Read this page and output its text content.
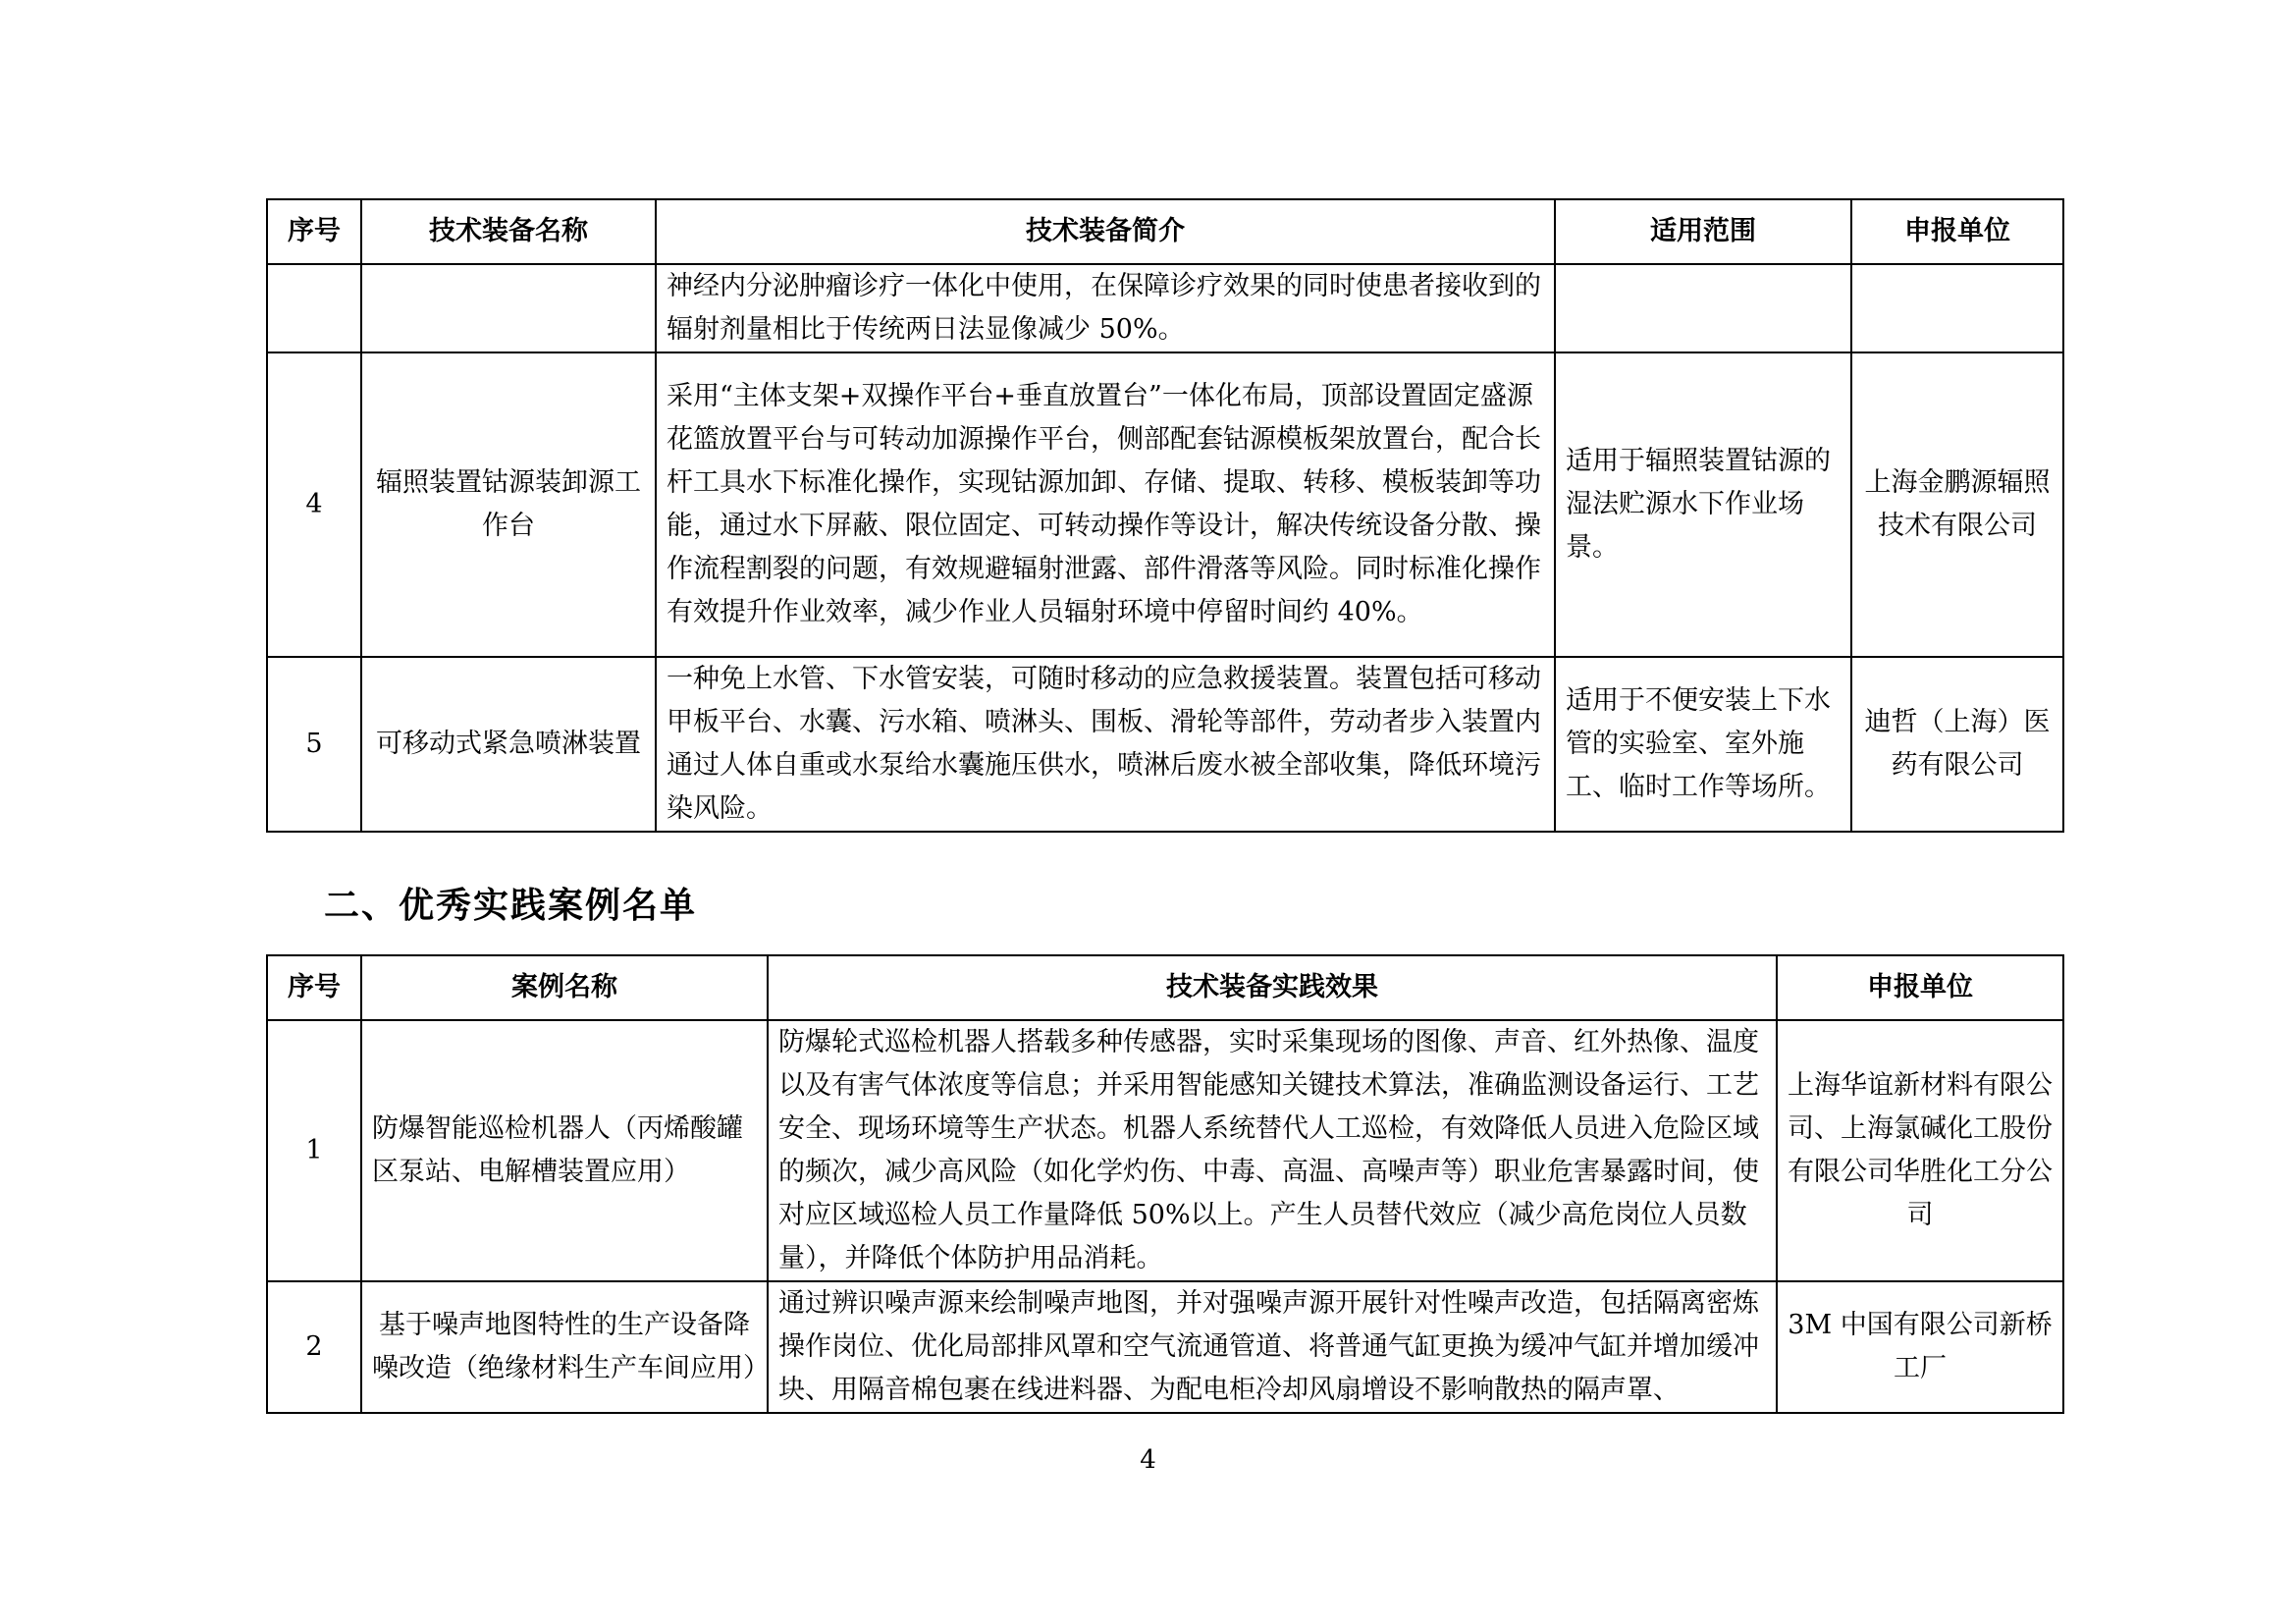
序号	技术装备名称	技术装备简介	适用范围	申报单位
		神经内分泌肿瘤诊疗一体化中使用，在保障诊疗效果的同时使患者接收到的辐射剂量相比于传统两日法显像减少 50%。		
4	辐照装置钴源装卸源工作台	采用“主体支架+双操作平台+垂直放置台”一体化布局，顶部设置固定盛源花篮放置平台与可转动加源操作平台，侧部配套钴源模板架放置台，配合长杆工具水下标准化操作，实现钴源加卸、存储、提取、转移、模板装卸等功能，通过水下屏蔽、限位固定、可转动操作等设计，解决传统设备分散、操作流程割裂的问题，有效规避辐射泄露、部件滑落等风险。同时标准化操作有效提升作业效率，减少作业人员辐射环境中停留时间约 40%。	适用于辐照装置钴源的湿法贮源水下作业场景。	上海金鹏源辐照技术有限公司
5	可移动式紧急喷淋装置	一种免上水管、下水管安装，可随时移动的应急救援装置。装置包括可移动甲板平台、水囊、污水箱、喷淋头、围板、滑轮等部件，劳动者步入装置内通过人体自重或水泵给水囊施压供水，喷淋后废水被全部收集，降低环境污染风险。	适用于不便安装上下水管的实验室、室外施工、临时工作等场所。	迪哲（上海）医药有限公司
二、优秀实践案例名单
序号	案例名称	技术装备实践效果	申报单位
1	防爆智能巡检机器人（丙烯酸罐区泵站、电解槽装置应用）	防爆轮式巡检机器人搭载多种传感器，实时采集现场的图像、声音、红外热像、温度以及有害气体浓度等信息；并采用智能感知关键技术算法，准确监测设备运行、工艺安全、现场环境等生产状态。机器人系统替代人工巡检，有效降低人员进入危险区域的频次，减少高风险（如化学灼伤、中毒、高温、高噪声等）职业危害暴露时间，使对应区域巡检人员工作量降低 50%以上。产生人员替代效应（减少高危岗位人员数量），并降低个体防护用品消耗。	上海华谊新材料有限公司、上海氯碱化工股份有限公司华胜化工分公司
2	基于噪声地图特性的生产设备降噪改造（绝缘材料生产车间应用）	通过辨识噪声源来绘制噪声地图，并对强噪声源开展针对性噪声改造，包括隔离密炼操作岗位、优化局部排风罩和空气流通管道、将普通气缸更换为缓冲气缸并增加缓冲块、用隔音棉包裹在线进料器、为配电柜冷却风扇增设不影响散热的隔声罩、	3M 中国有限公司新桥工厂
4
